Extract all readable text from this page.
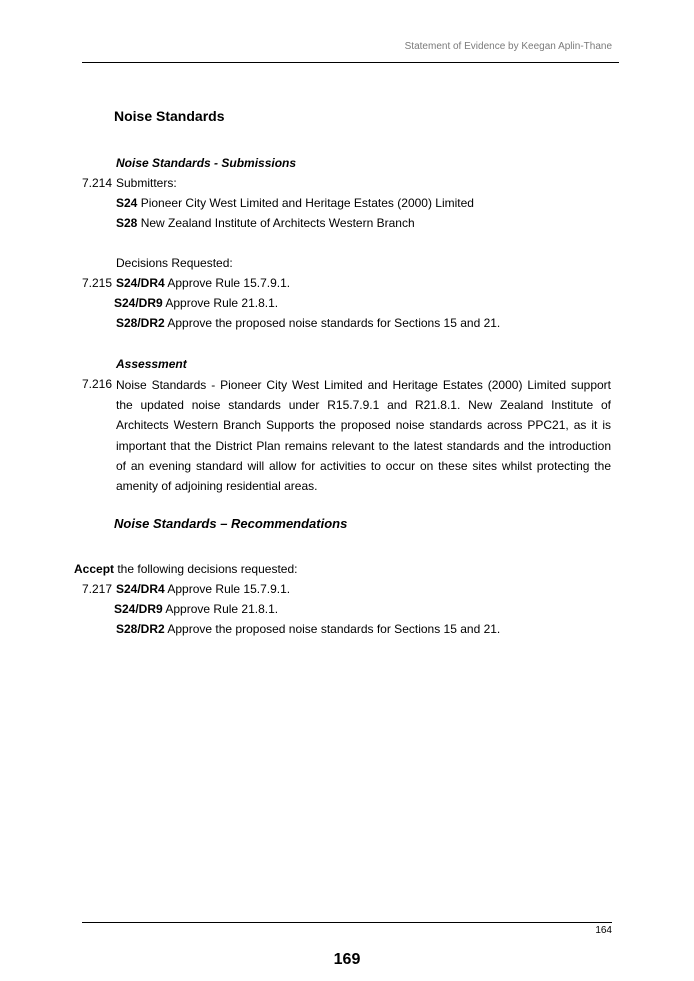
Statement of Evidence by Keegan Aplin-Thane
Noise Standards
Noise Standards - Submissions
7.214 Submitters:
S24 Pioneer City West Limited and Heritage Estates (2000) Limited
S28 New Zealand Institute of Architects Western Branch
Decisions Requested:
7.215 S24/DR4 Approve Rule 15.7.9.1.
S24/DR9 Approve Rule 21.8.1.
S28/DR2 Approve the proposed noise standards for Sections 15 and 21.
Assessment
7.216 Noise Standards - Pioneer City West Limited and Heritage Estates (2000) Limited support the updated noise standards under R15.7.9.1 and R21.8.1. New Zealand Institute of Architects Western Branch Supports the proposed noise standards across PPC21, as it is important that the District Plan remains relevant to the latest standards and the introduction of an evening standard will allow for activities to occur on these sites whilst protecting the amenity of adjoining residential areas.
Noise Standards – Recommendations
Accept the following decisions requested:
7.217 S24/DR4 Approve Rule 15.7.9.1.
S24/DR9 Approve Rule 21.8.1.
S28/DR2 Approve the proposed noise standards for Sections 15 and 21.
164
169
